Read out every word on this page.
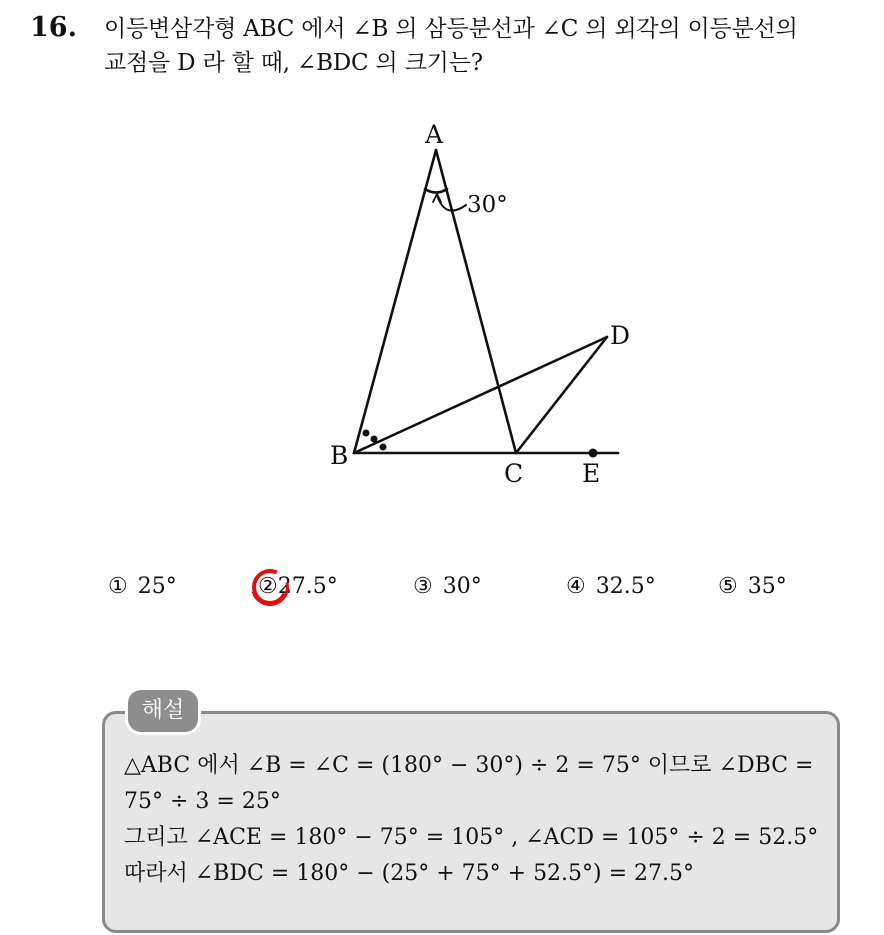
16. 이등변삼각형 ABC 에서 ∠B 의 삼등분선과 ∠C 의 외각의 이등분선의
교점을 D 라 할 때, ∠BDC 의 크기는?
A
B
C
D
E
30°
① 25°	②27.5°	③ 30°	④ 32.5°	⑤ 35°
해설
△ABC 에서 ∠B = ∠C = (180° − 30°) ÷ 2 = 75° 이므로 ∠DBC =
75° ÷ 3 = 25°
그리고 ∠ACE = 180° − 75° = 105° , ∠ACD = 105° ÷ 2 = 52.5°
따라서 ∠BDC = 180° − (25° + 75° + 52.5°) = 27.5°
